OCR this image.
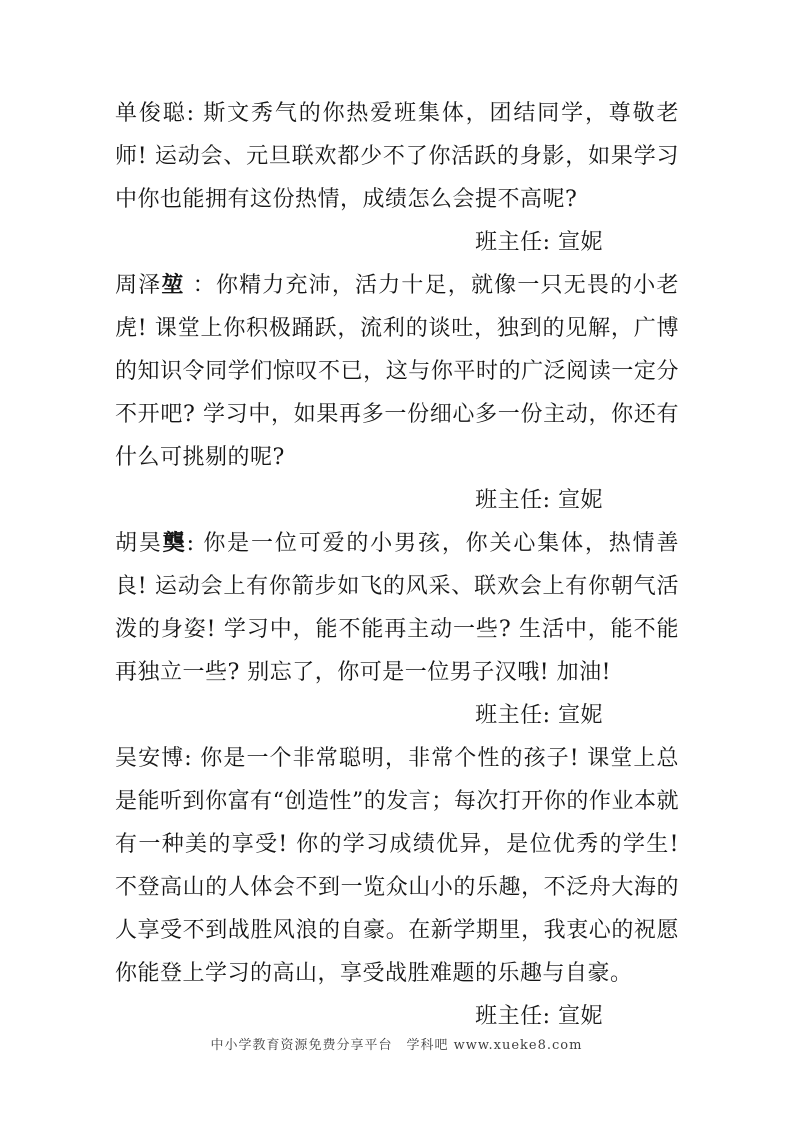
单俊聪: 斯文秀气的你热爱班集体，团结同学，尊敬老师! 运动会、元旦联欢都少不了你活跃的身影，如果学习中你也能拥有这份热情，成绩怎么会提不高呢?

班主任: 宣妮

周泽堃 ：你精力充沛，活力十足，就像一只无畏的小老虎! 课堂上你积极踊跃，流利的谈吐，独到的见解，广博的知识令同学们惊叹不已，这与你平时的广泛阅读一定分不开吧? 学习中，如果再多一份细心多一份主动，你还有什么可挑剔的呢?

班主任: 宣妮

胡昊龑: 你是一位可爱的小男孩，你关心集体，热情善良! 运动会上有你箭步如飞的风采、联欢会上有你朝气活泼的身姿! 学习中，能不能再主动一些? 生活中，能不能再独立一些? 别忘了，你可是一位男子汉哦! 加油!

班主任: 宣妮

吴安博: 你是一个非常聪明，非常个性的孩子! 课堂上总是能听到你富有“创造性”的发言；每次打开你的作业本就有一种美的享受! 你的学习成绩优异，是位优秀的学生! 不登高山的人体会不到一览众山小的乐趣，不泛舟大海的人享受不到战胜风浪的自豪。在新学期里，我衷心的祝愿你能登上学习的高山，享受战胜难题的乐趣与自豪。

班主任: 宣妮

中小学教育资源免费分享平台　学科吧 www.xueke8.com
